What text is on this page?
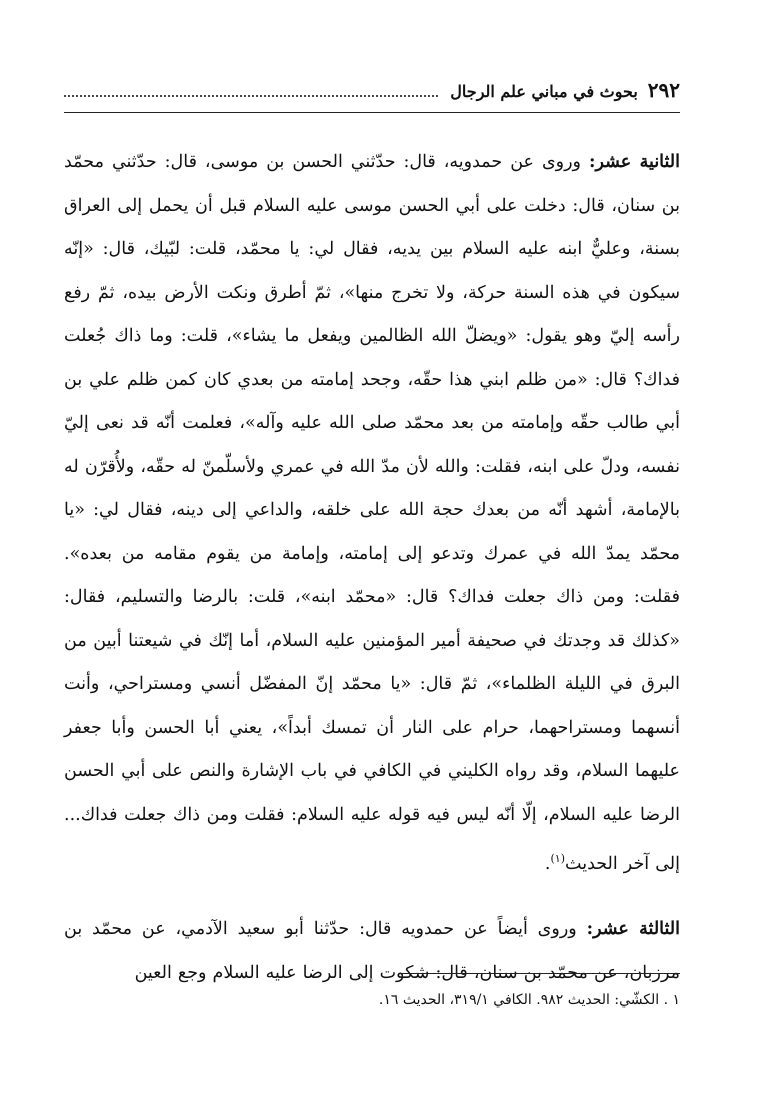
٢٩٢
بحوث في مباني علم الرجال

الثانية عشر: وروى عن حمدويه، قال: حدّثني الحسن بن موسى، قال: حدّثني محمّد بن سنان، قال: دخلت على أبي الحسن موسى عليه السلام قبل أن يحمل إلى العراق بسنة، وعليٌّ ابنه عليه السلام بين يديه، فقال لي: يا محمّد، قلت: لبّيك، قال: «إنّه سيكون في هذه السنة حركة، ولا تخرج منها»، ثمّ أطرق ونكت الأرض بيده، ثمّ رفع رأسه إليّ وهو يقول: «ويضلّ الله الظالمين ويفعل ما يشاء»، قلت: وما ذاك جُعلت فداك؟ قال: «من ظلم ابني هذا حقّه، وجحد إمامته من بعدي كان كمن ظلم علي بن أبي طالب حقّه وإمامته من بعد محمّد صلى الله عليه وآله»، فعلمت أنّه قد نعى إليّ نفسه، ودلّ على ابنه، فقلت: والله لأن مدّ الله في عمري ولأسلّمنّ له حقّه، ولأُقرّن له بالإمامة، أشهد أنّه من بعدك حجة الله على خلقه، والداعي إلى دينه، فقال لي: «يا محمّد يمدّ الله في عمرك وتدعو إلى إمامته، وإمامة من يقوم مقامه من بعده». فقلت: ومن ذاك جعلت فداك؟ قال: «محمّد ابنه»، قلت: بالرضا والتسليم، فقال: «كذلك قد وجدتك في صحيفة أمير المؤمنين عليه السلام، أما إنّك في شيعتنا أبين من البرق في الليلة الظلماء»، ثمّ قال: «يا محمّد إنّ المفضّل أنسي ومستراحي، وأنت أنسهما ومستراحهما، حرام على النار أن تمسك أبداً»، يعني أبا الحسن وأبا جعفر عليهما السلام، وقد رواه الكليني في الكافي في باب الإشارة والنص على أبي الحسن الرضا عليه السلام، إلّا أنّه ليس فيه قوله عليه السلام: فقلت ومن ذاك جعلت فداك... إلى آخر الحديث$^{(١)}$.

الثالثة عشر: وروى أيضاً عن حمدويه قال: حدّثنا أبو سعيد الآدمي، عن محمّد بن مرزبان، عن محمّد بن سنان، قال: شكوت إلى الرضا عليه السلام وجع العين

١ . الكشّي: الحديث ٩٨٢. الكافي ٣١٩/١، الحديث ١٦.
